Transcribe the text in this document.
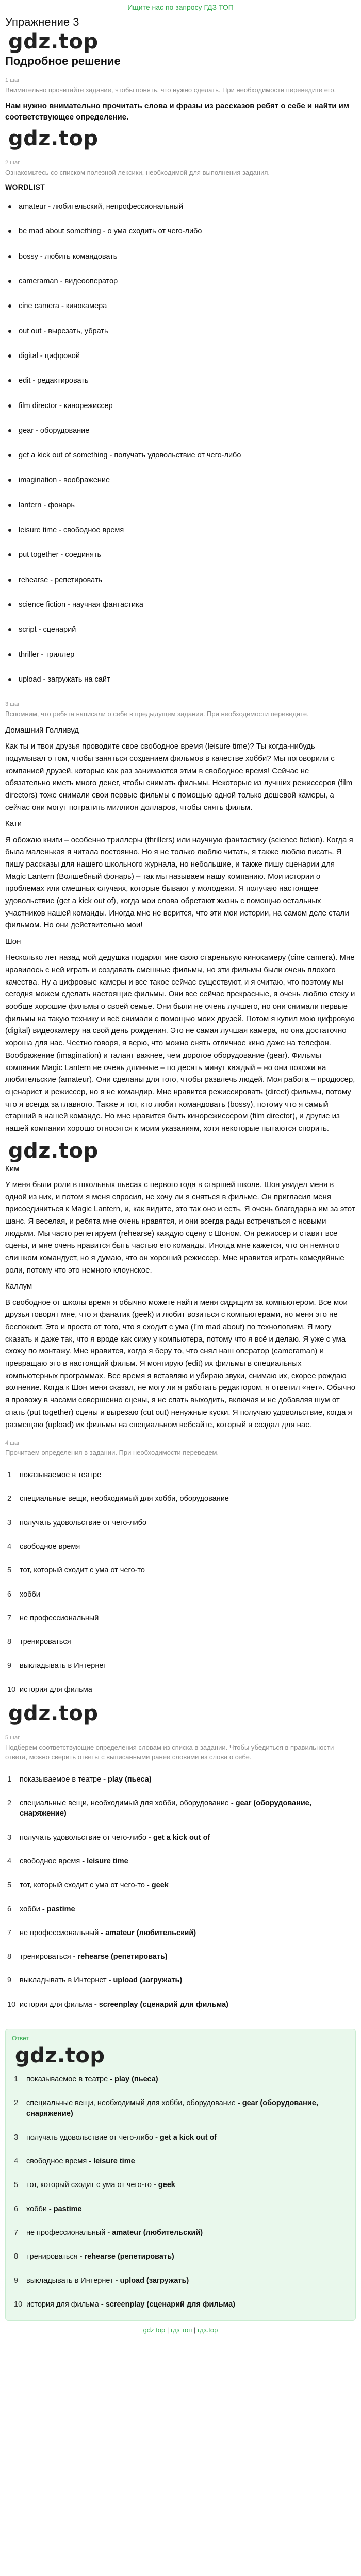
Ищите нас по запросу ГДЗ ТОП
Упражнение 3
gdz.top
Подробное решение
1 шаг

Внимательно прочитайте задание, чтобы понять, что нужно сделать. При необходимости переведите его.

Нам нужно внимательно прочитать слова и фразы из рассказов ребят о себе и найти им соответствующее определение.

gdz.top
2 шаг

Ознакомьтесь со списком полезной лексики, необходимой для выполнения задания.

WORDLIST
amateur - любительский, непрофессиональный
be mad about something - о ума сходить от чего-либо
bossy - любить командовать
cameraman - видеооператор
cine camera - кинокамера
out out - вырезать, убрать
digital - цифровой
edit - редактировать
film director - кинорежиссер
gear - оборудование
get a kick out of something - получать удовольствие от чего-либо
imagination - воображение
lantern - фонарь
leisure time - свободное время
put together - соединять
rehearse - репетировать
science fiction - научная фантастика
script - сценарий
thriller - триллер
upload - загружать на сайт
3 шаг

Вспомним, что ребята написали о себе в предыдущем задании. При необходимости переведите.

Домашний Голливуд

Как ты и твои друзья проводите свое свободное время (leisure time)? Ты когда-нибудь подумывал о том, чтобы заняться созданием фильмов в качестве хобби? Мы поговорили с компанией друзей, которые как раз занимаются этим в свободное время! Сейчас не обязательно иметь много денег, чтобы снимать фильмы. Некоторые из лучших режиссеров (film directors) тоже снимали свои первые фильмы с помощью одной только дешевой камеры, а сейчас они могут потратить миллион долларов, чтобы снять фильм.

Кати

Я обожаю книги – особенно триллеры (thrillers) или научную фантастику (science fiction). Когда я была маленькая я читала постоянно. Но я не только люблю читать, я также люблю писать. Я пишу рассказы для нашего школьного журнала, но небольшие, и также пишу сценарии для Magic Lantern (Волшебный фонарь) – так мы называем нашу компанию. Мои истории о проблемах или смешных случаях, которые бывают у молодежи. Я получаю настоящее удовольствие (get a kick out of), когда мои слова обретают жизнь с помощью остальных участников нашей команды. Иногда мне не верится, что эти мои истории, на самом деле стали фильмом. Но они действительно мои!

Шон

Несколько лет назад мой дедушка подарил мне свою старенькую кинокамеру (cine camera). Мне нравилось с ней играть и создавать смешные фильмы, но эти фильмы были очень плохого качества. Ну а цифровые камеры и все такое сейчас существуют, и я считаю, что поэтому мы сегодня можем сделать настоящие фильмы. Они все сейчас прекрасные, я очень люблю стеку и вообще хорошие фильмы о своей семье. Они были не очень лучшего, но они снимали первые фильмы на такую технику и всё снимали с помощью моих друзей. Потом я купил мою цифровую (digital) видеокамеру на свой день рождения. Это не самая лучшая камера, но она достаточно хороша для нас. Честно говоря, я верю, что можно снять отличное кино даже на телефон. Воображение (imagination) и талант важнее, чем дорогое оборудование (gear). Фильмы компании Magic Lantern не очень длинные – по десять минут каждый – но они похожи на любительские (amateur). Они сделаны для того, чтобы развлечь людей. Моя работа – продюсер, сценарист и режиссер, но я не командир. Мне нравится режиссировать (direct) фильмы, потому что я всегда за главного. Также я тот, кто любит командовать (bossy), потому что я самый старший в нашей команде. Но мне нравится быть кинорежиссером (film director), и другие из нашей компании хорошо относятся к моим указаниям, хотя некоторые пытаются спорить.

gdz.top

Ким

У меня были роли в школьных пьесах с первого года в старшей школе. Шон увидел меня в одной из них, и потом я меня спросил, не хочу ли я сняться в фильме. Он пригласил меня присоединиться к Magic Lantern, и, как видите, это так оно и есть. Я очень благодарна им за этот шанс. Я веселая, и ребята мне очень нравятся, и они всегда рады встречаться с новыми людьми. Мы часто репетируем (rehearse) каждую сцену с Шоном. Он режиссер и ставит все сцены, и мне очень нравится быть частью его команды. Иногда мне кажется, что он немного слишком командует, но я думаю, что он хороший режиссер. Мне нравится играть комедийные роли, потому что это немного клоунское.

Каллум

В свободное от школы время я обычно можете найти меня сидящим за компьютером. Все мои друзья говорят мне, что я фанатик (geek) и любит возиться с компьютерами, но меня это не беспокоит. Это и просто от того, что я сходит с ума (I'm mad about) по технологиям. Я могу сказать и даже так, что я вроде как сижу у компьютера, потому что я всё и делаю. Я уже с ума схожу по монтажу. Мне нравится, когда я беру то, что снял наш оператор (cameraman) и превращаю это в настоящий фильм. Я монтирую (edit) их фильмы в специальных компьютерных программах. Все время я вставляю и убираю звуки, снимаю их, скорее рождаю волнение. Когда к Шон меня сказал, не могу ли я работать редактором, я ответил «нет». Обычно я провожу в часами совершенно сцены, я не спать выходить, включая и не добавляя шум от спать (put together) сцены и вырезаю (cut out) ненужные куски. Я получаю удовольствие, когда я размещаю (upload) их фильмы на специальном вебсайте, который я создал для нас.

4 шаг

Прочитаем определения в задании. При необходимости переведем.

1 показываемое в театре
2 специальные вещи, необходимый для хобби, оборудование
3 получать удовольствие от чего-либо
4 свободное время
5 тот, который сходит с ума от чего-то
6 хобби
7 не профессиональный
8 тренироваться
9 выкладывать в Интернет
10 история для фильма
gdz.top
5 шаг

Подберем соответствующие определения словам из списка в задании. Чтобы убедиться в правильности ответа, можно сверить ответы с выписанными ранее словами из слова о себе.

1 показываемое в театре - play (пьеса)
2 специальные вещи, необходимый для хобби, оборудование - gear (оборудование, снаряжение)
3 получать удовольствие от чего-либо - get a kick out of
4 свободное время - leisure time
5 тот, который сходит с ума от чего-то - geek
6 хобби - pastime
7 не профессиональный - amateur (любительский)
8 тренироваться - rehearse (репетировать)
9 выкладывать в Интернет - upload (загружать)
10 история для фильма - screenplay (сценарий для фильма)
Ответ
gdz.top
1 показываемое в театре - play (пьеса)
2 специальные вещи, необходимый для хобби, оборудование - gear (оборудование, снаряжение)
3 получать удовольствие от чего-либо - get a kick out of
4 свободное время - leisure time
5 тот, который сходит с ума от чего-то - geek
6 хобби - pastime
7 не профессиональный - amateur (любительский)
8 тренироваться - rehearse (репетировать)
9 выкладывать в Интернет - upload (загружать)
10 история для фильма - screenplay (сценарий для фильма)
gdz top | гдз топ | гдз.top
